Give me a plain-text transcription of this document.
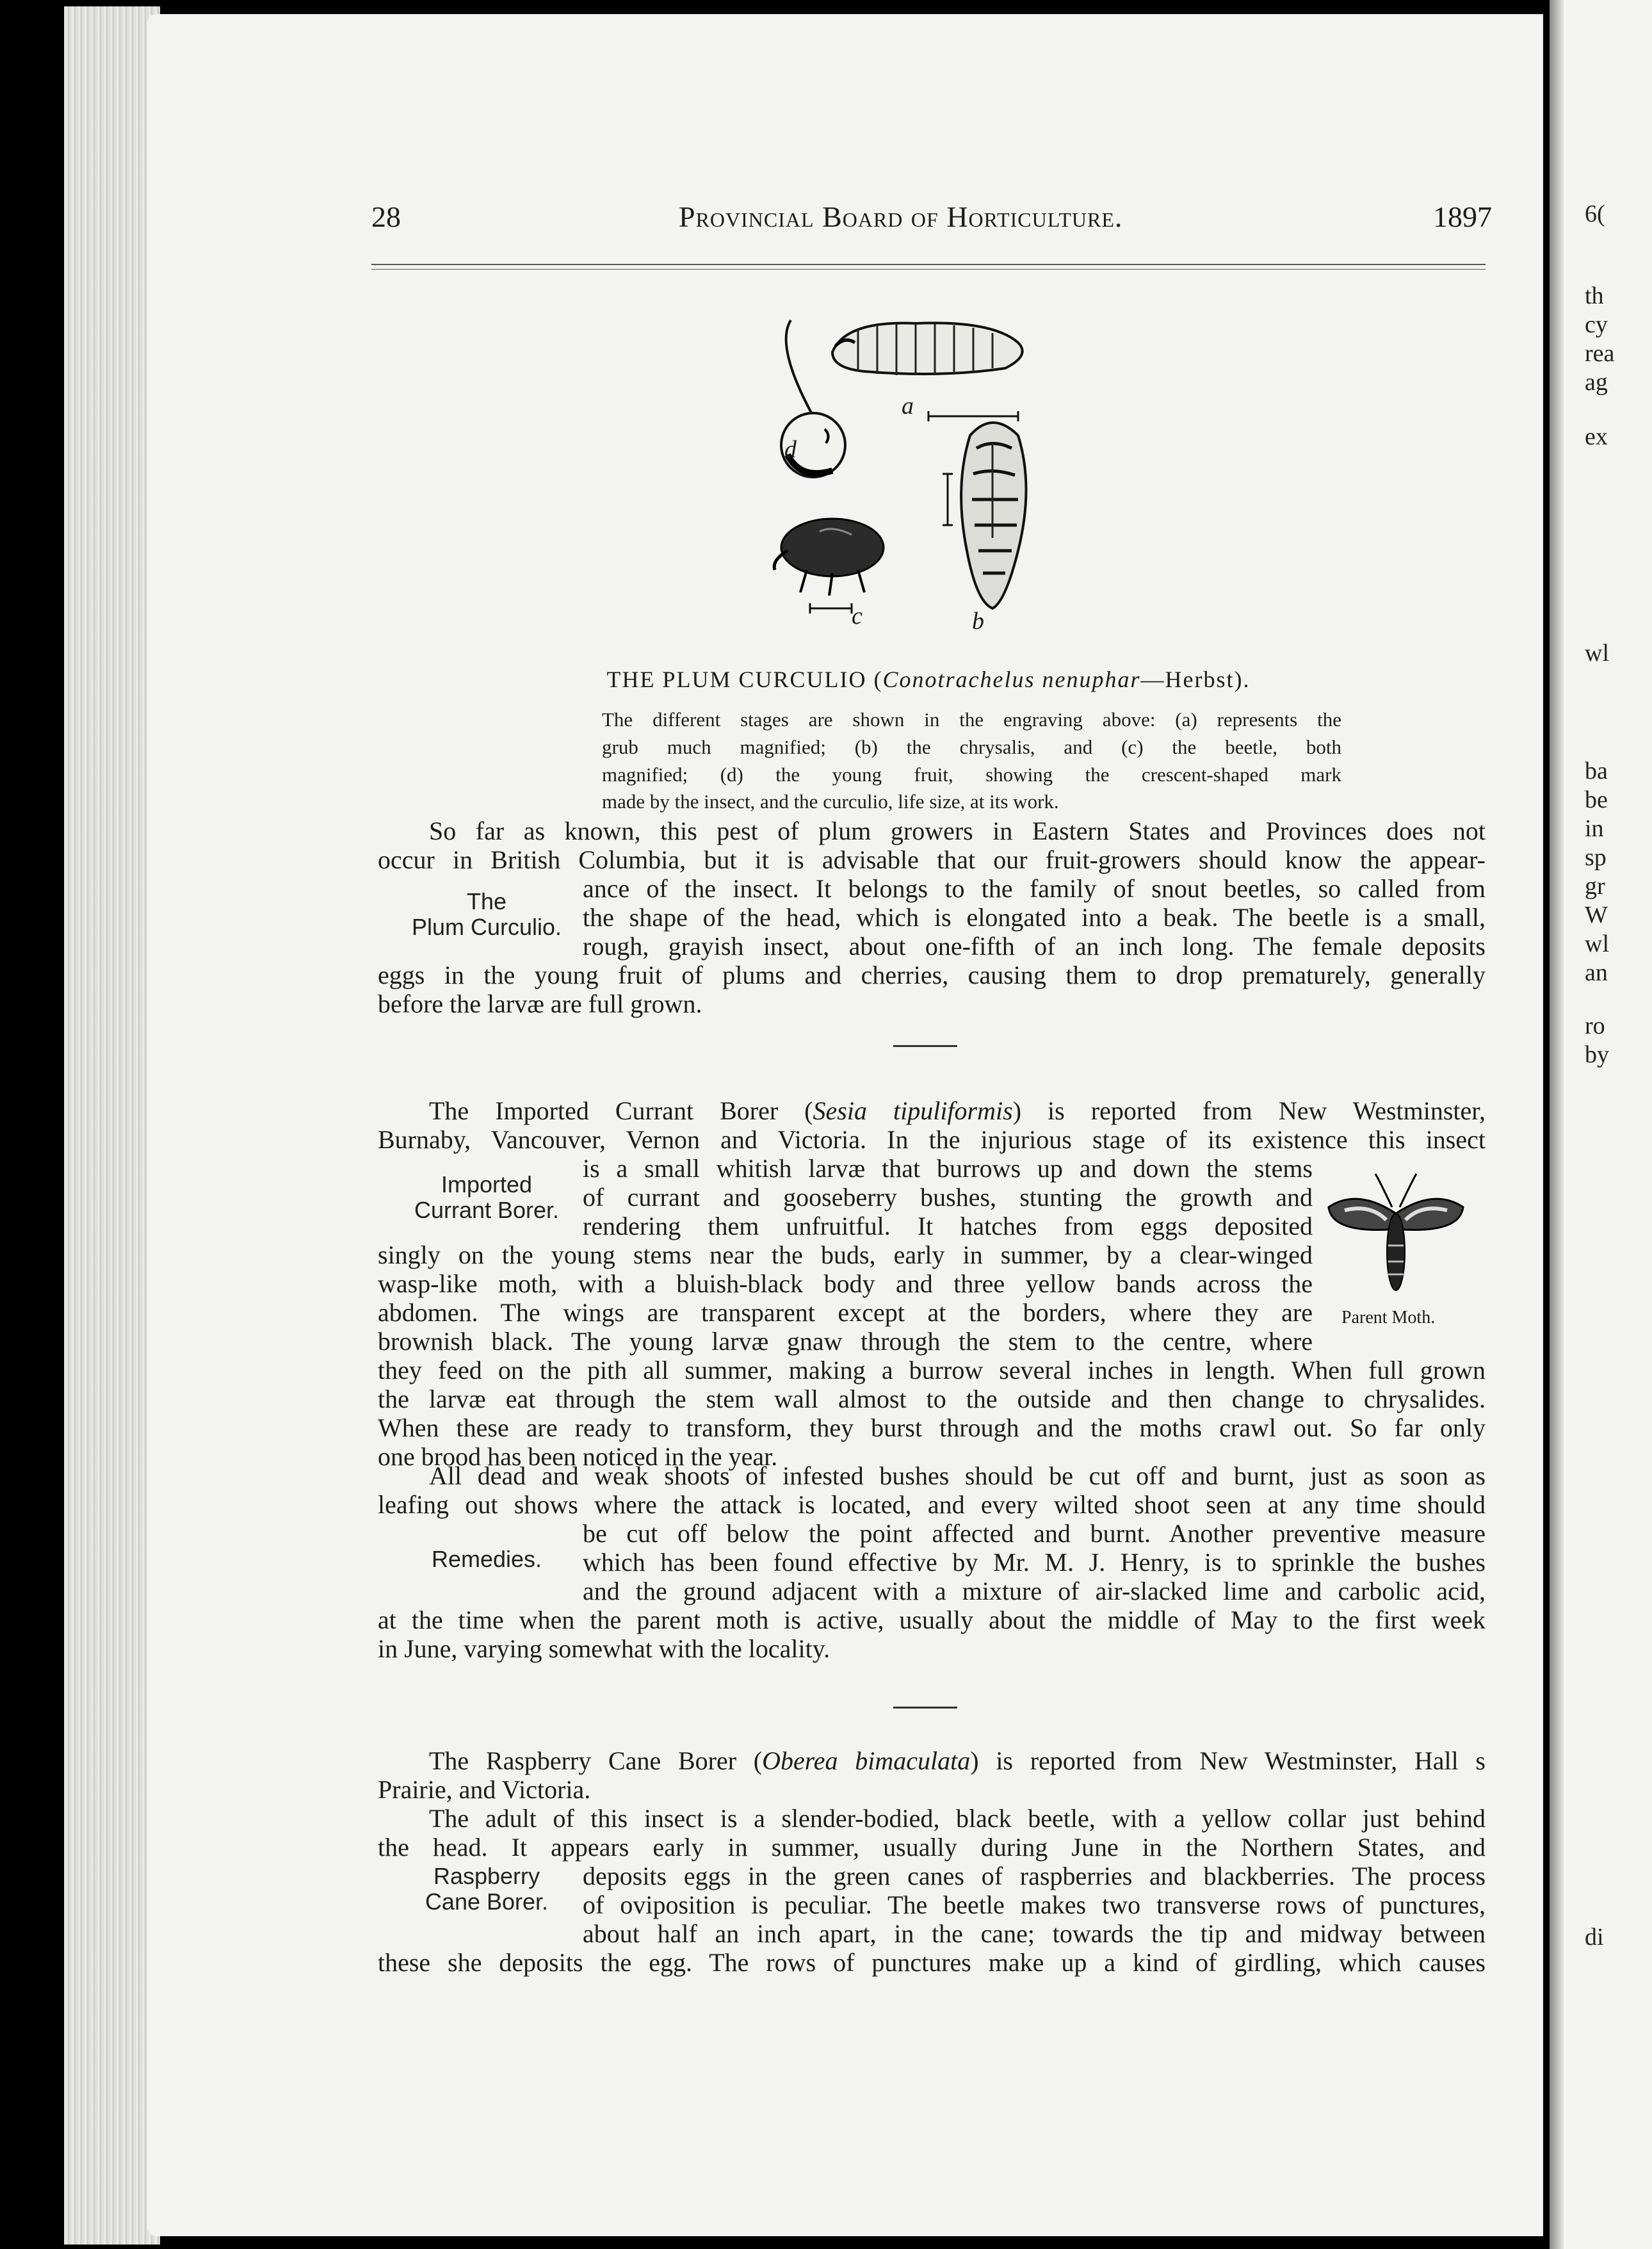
6(
th
cy
rea
ag
ex
wl
ba
be
in
sp
gr
W
wl
an
ro
by
di
28	Provincial Board of Horticulture.	1897
a
d
c	b
THE PLUM CURCULIO (Conotrachelus nenuphar—Herbst).
The different stages are shown in the engraving above: (a) represents the
grub much magnified; (b) the chrysalis, and (c) the beetle, both
magnified; (d) the young fruit, showing the crescent-shaped mark
made by the insect, and the curculio, life size, at its work.
The
Plum Curculio.
So far as known, this pest of plum growers in Eastern States and Provinces does not
occur in British Columbia, but it is advisable that our fruit-growers should know the appear-
ance of the insect. It belongs to the family of snout beetles, so called from
the shape of the head, which is elongated into a beak. The beetle is a small,
rough, grayish insect, about one-fifth of an inch long. The female deposits
eggs in the young fruit of plums and cherries, causing them to drop prematurely, generally
before the larvæ are full grown.
Imported
Currant Borer.
The Imported Currant Borer (Sesia tipuliformis) is reported from New Westminster,
Burnaby, Vancouver, Vernon and Victoria. In the injurious stage of its existence this insect
is a small whitish larvæ that burrows up and down the stems
of currant and gooseberry bushes, stunting the growth and
rendering them unfruitful. It hatches from eggs deposited
singly on the young stems near the buds, early in summer, by a clear-winged
wasp-like moth, with a bluish-black body and three yellow bands across the
abdomen. The wings are transparent except at the borders, where they are
brownish black. The young larvæ gnaw through the stem to the centre, where
they feed on the pith all summer, making a burrow several inches in length. When full grown
the larvæ eat through the stem wall almost to the outside and then change to chrysalides.
When these are ready to transform, they burst through and the moths crawl out. So far only
one brood has been noticed in the year.
Parent Moth.
Remedies.
All dead and weak shoots of infested bushes should be cut off and burnt, just as soon as
leafing out shows where the attack is located, and every wilted shoot seen at any time should
be cut off below the point affected and burnt. Another preventive measure
which has been found effective by Mr. M. J. Henry, is to sprinkle the bushes
and the ground adjacent with a mixture of air-slacked lime and carbolic acid,
at the time when the parent moth is active, usually about the middle of May to the first week
in June, varying somewhat with the locality.
Raspberry
Cane Borer.
The Raspberry Cane Borer (Oberea bimaculata) is reported from New Westminster, Hall s
Prairie, and Victoria.
The adult of this insect is a slender-bodied, black beetle, with a yellow collar just behind
the head. It appears early in summer, usually during June in the Northern States, and
deposits eggs in the green canes of raspberries and blackberries. The process
of oviposition is peculiar. The beetle makes two transverse rows of punctures,
about half an inch apart, in the cane; towards the tip and midway between
these she deposits the egg. The rows of punctures make up a kind of girdling, which causes
